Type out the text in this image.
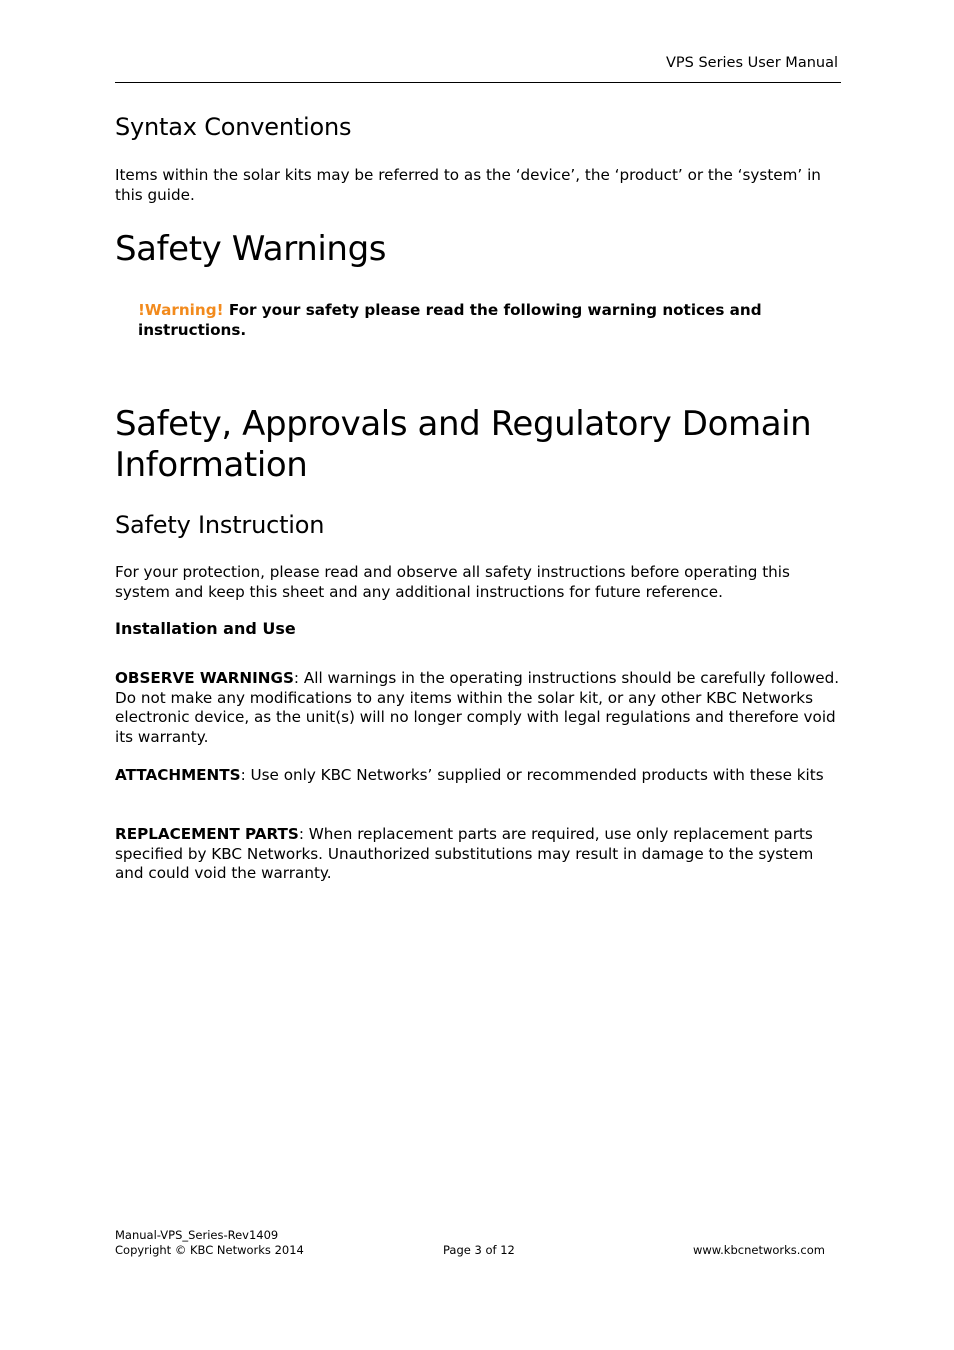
VPS Series User Manual
Syntax Conventions

Items within the solar kits may be referred to as the ‘device’, the ‘product’ or the ‘system’ in this guide.

Safety Warnings

!Warning! For your safety please read the following warning notices and instructions.

Safety, Approvals and Regulatory Domain Information
Safety Instruction

For your protection, please read and observe all safety instructions before operating this system and keep this sheet and any additional instructions for future reference.

Installation and Use

OBSERVE WARNINGS: All warnings in the operating instructions should be carefully followed. Do not make any modifications to any items within the solar kit, or any other KBC Networks electronic device, as the unit(s) will no longer comply with legal regulations and therefore void its warranty.

ATTACHMENTS: Use only KBC Networks’ supplied or recommended products with these kits

REPLACEMENT PARTS: When replacement parts are required, use only replacement parts specified by KBC Networks. Unauthorized substitutions may result in damage to the system and could void the warranty.

Manual-VPS_Series-Rev1409
Copyright © KBC Networks 2014	Page 3 of 12	www.kbcnetworks.com
